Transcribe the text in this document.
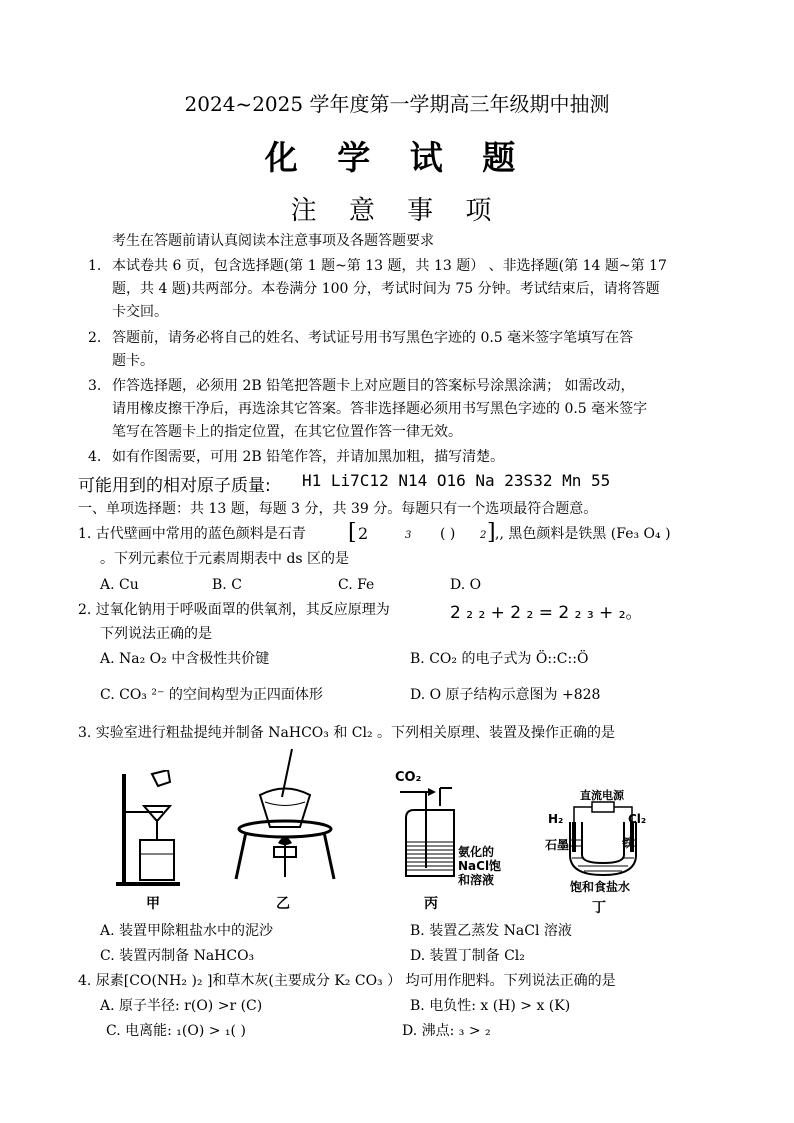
2024~2025 学年度第一学期高三年级期中抽测
化 学 试 题
注 意 事 项
考生在答题前请认真阅读本注意事项及各题答题要求
1. 本试卷共 6 页，包含选择题(第 1 题~第 13 题，共 13 题） 、非选择题(第 14 题~第 17
题，共 4 题)共两部分。本卷满分 100 分，考试时间为 75 分钟。考试结束后，请将答题
卡交回。
2. 答题前，请务必将自己的姓名、考试证号用书写黑色字迹的 0.5 毫米签字笔填写在答
题卡。
3. 作答选择题，必须用 2B 铅笔把答题卡上对应题目的答案标号涂黑涂满； 如需改动，
请用橡皮擦干净后，再选涂其它答案。答非选择题必须用书写黑色字迹的 0.5 毫米签字
笔写在答题卡上的指定位置，在其它位置作答一律无效。
4. 如有作图需要，可用 2B 铅笔作答，并请加黑加粗，描写清楚。
可能用到的相对原子质量: H1 Li7C12 N14 O16 Na 23S32 Mn 55
一、单项选择题：共 13 题，每题 3 分，共 39 分。每题只有一个选项最符合题意。
1. 古代壁画中常用的蓝色颜料是石青 [ 2	3 ( ) 2 ] ,, 黑色颜料是铁黑 (Fe₃ O₄ )
。下列元素位于元素周期表中 ds 区的是
A. Cu	B. C	C. Fe	D. O
2. 过氧化钠用于呼吸面罩的供氧剂，其反应原理为	2 ₂ ₂ + 2 ₂ = 2 ₂ ₃ + ₂。
下列说法正确的是
A. Na₂ O₂ 中含极性共价键	B. CO₂ 的电子式为 Ö::C::Ö
C. CO₃ ²⁻ 的空间构型为正四面体形	D. O 原子结构示意图为 +828
3. 实验室进行粗盐提纯并制备 NaHCO₃ 和 Cl₂ 。下列相关原理、装置及操作正确的是
甲	乙
CO₂
氨化的
NaCl饱
和溶液
丙
直流电源
H₂	Cl₂
石墨	铁
饱和食盐水
丁
A. 装置甲除粗盐水中的泥沙	B. 装置乙蒸发 NaCl 溶液
C. 装置丙制备 NaHCO₃	D. 装置丁制备 Cl₂
4. 尿素[CO(NH₂ )₂ ]和草木灰(主要成分 K₂ CO₃ ） 均可用作肥料。下列说法正确的是
A. 原子半径: r(O) >r (C)	B. 电负性: x (H) > x (K)
C. 电离能: ₁(O) > ₁( )	D. 沸点: ₃ > ₂
